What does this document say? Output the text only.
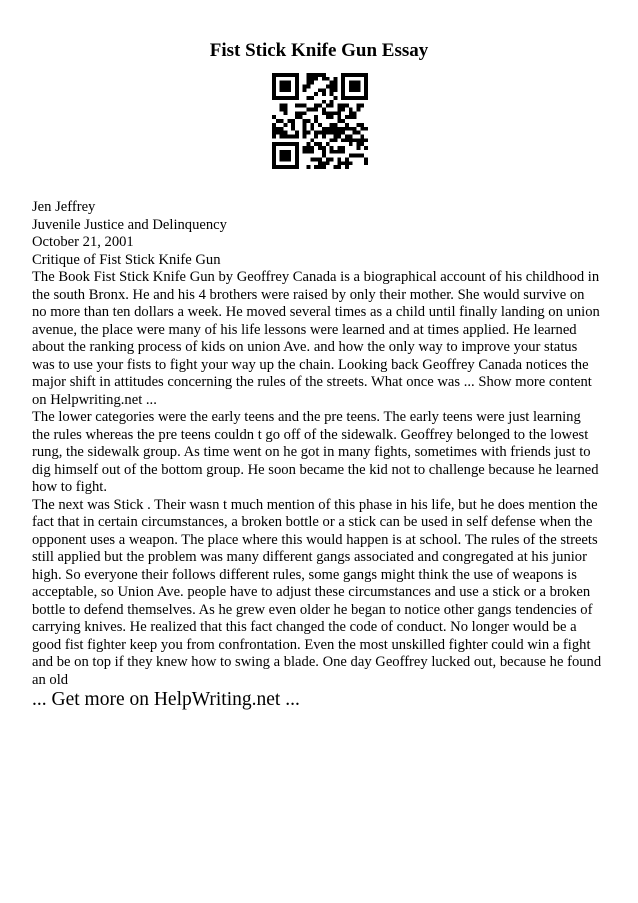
Fist Stick Knife Gun Essay

Jen Jeffrey

Juvenile Justice and Delinquency

October 21, 2001

Critique of Fist Stick Knife Gun

The Book Fist Stick Knife Gun by Geoffrey Canada is a biographical account of his childhood in the south Bronx. He and his 4 brothers were raised by only their mother. She would survive on no more than ten dollars a week. He moved several times as a child until finally landing on union avenue, the place were many of his life lessons were learned and at times applied. He learned about the ranking process of kids on union Ave. and how the only way to improve your status was to use your fists to fight your way up the chain. Looking back Geoffrey Canada notices the major shift in attitudes concerning the rules of the streets. What once was ... Show more content on Helpwriting.net ...

The lower categories were the early teens and the pre teens. The early teens were just learning the rules whereas the pre teens couldn t go off of the sidewalk. Geoffrey belonged to the lowest rung, the sidewalk group. As time went on he got in many fights, sometimes with friends just to dig himself out of the bottom group. He soon became the kid not to challenge because he learned how to fight.

The next was Stick . Their wasn t much mention of this phase in his life, but he does mention the fact that in certain circumstances, a broken bottle or a stick can be used in self defense when the opponent uses a weapon. The place where this would happen is at school. The rules of the streets still applied but the problem was many different gangs associated and congregated at his junior high. So everyone their follows different rules, some gangs might think the use of weapons is acceptable, so Union Ave. people have to adjust these circumstances and use a stick or a broken bottle to defend themselves. As he grew even older he began to notice other gangs tendencies of carrying knives. He realized that this fact changed the code of conduct. No longer would be a good fist fighter keep you from confrontation. Even the most unskilled fighter could win a fight and be on top if they knew how to swing a blade. One day Geoffrey lucked out, because he found an old

... Get more on HelpWriting.net ...
